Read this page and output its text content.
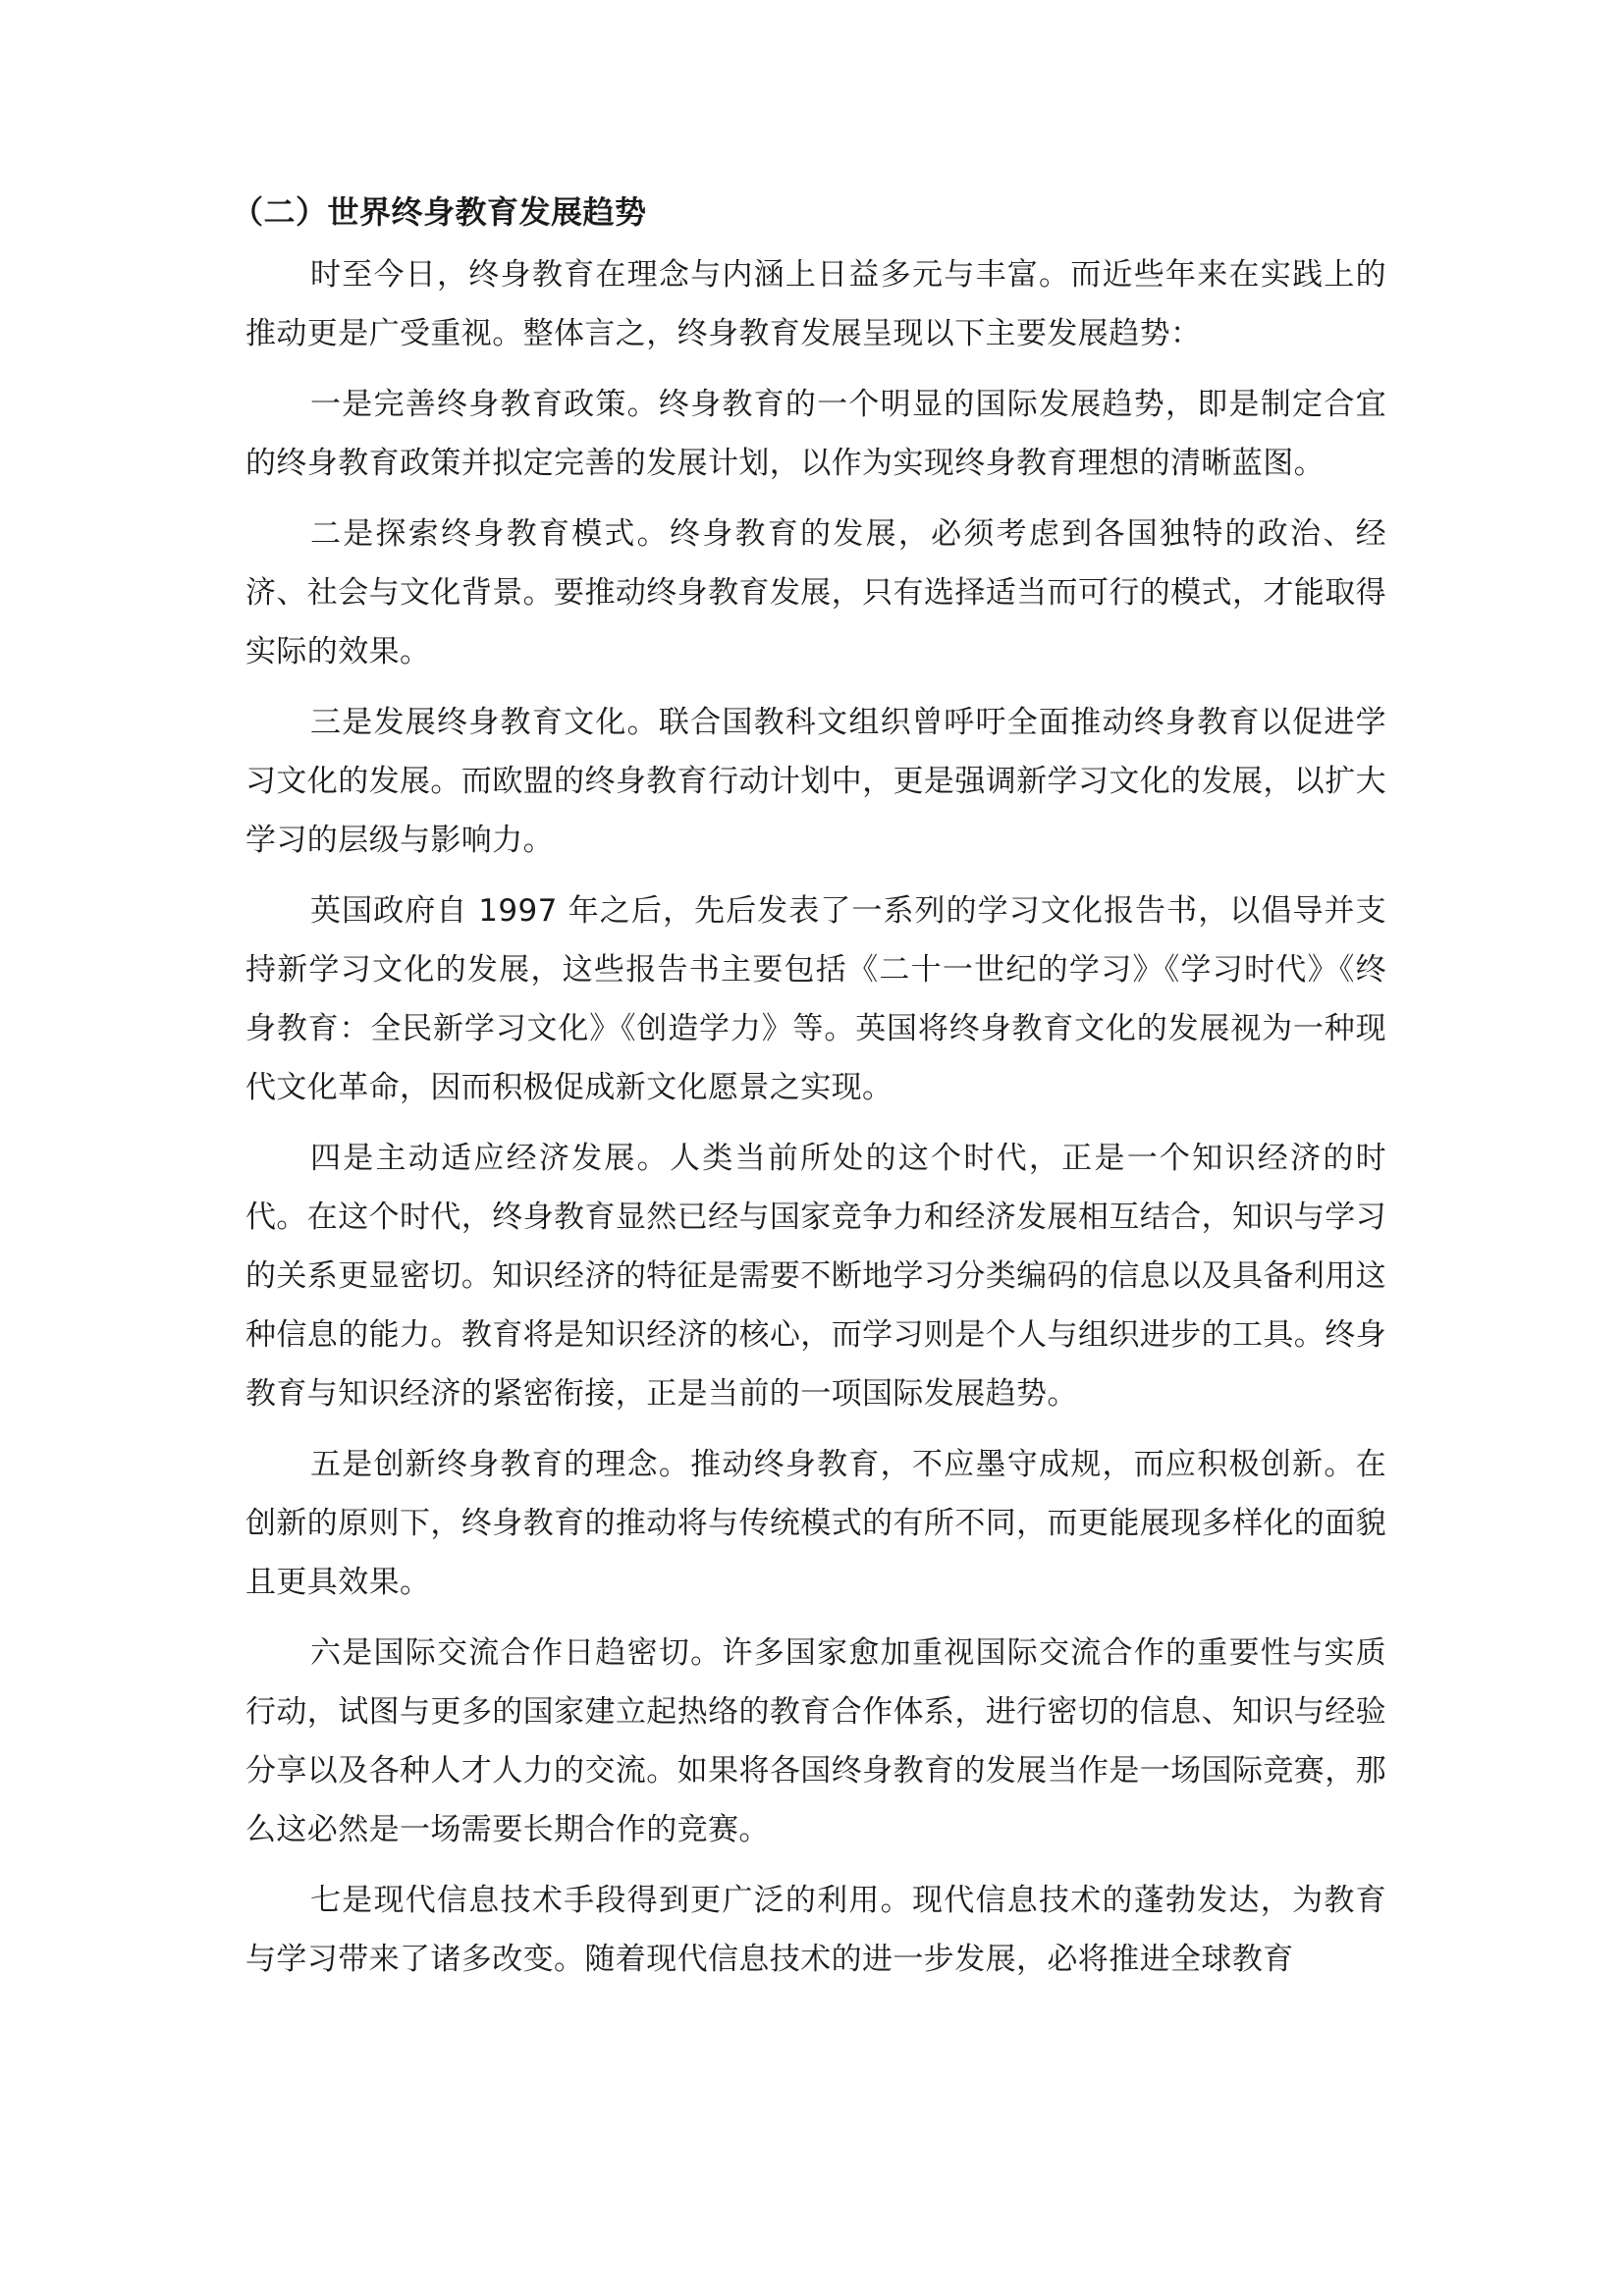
（二）世界终身教育发展趋势

时至今日，终身教育在理念与内涵上日益多元与丰富。而近些年来在实践上的推动更是广受重视。整体言之，终身教育发展呈现以下主要发展趋势：

一是完善终身教育政策。终身教育的一个明显的国际发展趋势，即是制定合宜的终身教育政策并拟定完善的发展计划，以作为实现终身教育理想的清晰蓝图。

二是探索终身教育模式。终身教育的发展，必须考虑到各国独特的政治、经济、社会与文化背景。要推动终身教育发展，只有选择适当而可行的模式，才能取得实际的效果。

三是发展终身教育文化。联合国教科文组织曾呼吁全面推动终身教育以促进学习文化的发展。而欧盟的终身教育行动计划中，更是强调新学习文化的发展，以扩大学习的层级与影响力。

英国政府自 1997 年之后，先后发表了一系列的学习文化报告书，以倡导并支持新学习文化的发展，这些报告书主要包括《二十一世纪的学习》《学习时代》《终身教育：全民新学习文化》《创造学力》等。英国将终身教育文化的发展视为一种现代文化革命，因而积极促成新文化愿景之实现。

四是主动适应经济发展。人类当前所处的这个时代，正是一个知识经济的时代。在这个时代，终身教育显然已经与国家竞争力和经济发展相互结合，知识与学习的关系更显密切。知识经济的特征是需要不断地学习分类编码的信息以及具备利用这种信息的能力。教育将是知识经济的核心，而学习则是个人与组织进步的工具。终身教育与知识经济的紧密衔接，正是当前的一项国际发展趋势。

五是创新终身教育的理念。推动终身教育，不应墨守成规，而应积极创新。在创新的原则下，终身教育的推动将与传统模式的有所不同，而更能展现多样化的面貌且更具效果。

六是国际交流合作日趋密切。许多国家愈加重视国际交流合作的重要性与实质行动，试图与更多的国家建立起热络的教育合作体系，进行密切的信息、知识与经验分享以及各种人才人力的交流。如果将各国终身教育的发展当作是一场国际竞赛，那么这必然是一场需要长期合作的竞赛。

七是现代信息技术手段得到更广泛的利用。现代信息技术的蓬勃发达，为教育与学习带来了诸多改变。随着现代信息技术的进一步发展，必将推进全球教育
